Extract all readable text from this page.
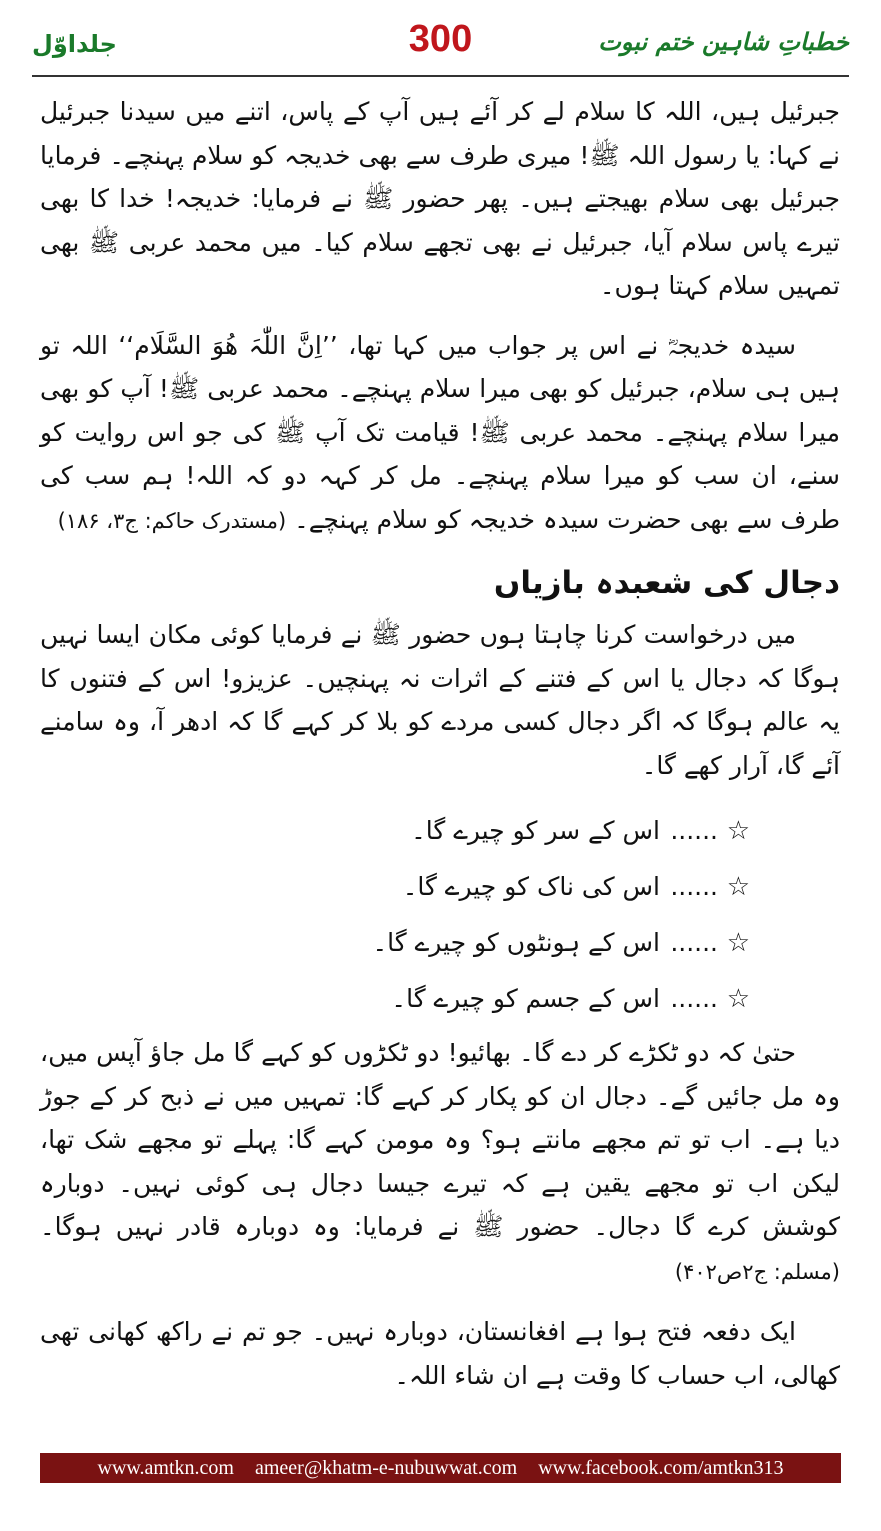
جلداوّل	300	خطباتِ شاہین ختم نبوت

جبرئیل ہیں، اللہ کا سلام لے کر آئے ہیں آپ کے پاس، اتنے میں سیدنا جبرئیل نے کہا: یا رسول اللہ ﷺ! میری طرف سے بھی خدیجہ کو سلام پہنچے۔ فرمایا جبرئیل بھی سلام بھیجتے ہیں۔ پھر حضور ﷺ نے فرمایا: خدیجہ! خدا کا بھی تیرے پاس سلام آیا، جبرئیل نے بھی تجھے سلام کیا۔ میں محمد عربی ﷺ بھی تمہیں سلام کہتا ہوں۔

سیدہ خدیجہؓ نے اس پر جواب میں کہا تھا، ’’اِنَّ اللّٰہَ ھُوَ السَّلَام‘‘ اللہ تو ہیں ہی سلام، جبرئیل کو بھی میرا سلام پہنچے۔ محمد عربی ﷺ! آپ کو بھی میرا سلام پہنچے۔ محمد عربی ﷺ! قیامت تک آپ ﷺ کی جو اس روایت کو سنے، ان سب کو میرا سلام پہنچے۔ مل کر کہہ دو کہ اللہ! ہم سب کی طرف سے بھی حضرت سیدہ خدیجہ کو سلام پہنچے۔ (مستدرک حاکم: ج۳، ۱۸۶)

دجال کی شعبدہ بازیاں

میں درخواست کرنا چاہتا ہوں حضور ﷺ نے فرمایا کوئی مکان ایسا نہیں ہوگا کہ دجال یا اس کے فتنے کے اثرات نہ پہنچیں۔ عزیزو! اس کے فتنوں کا یہ عالم ہوگا کہ اگر دجال کسی مردے کو بلا کر کہے گا کہ ادھر آ، وہ سامنے آئے گا، آرار کھے گا۔

☆
......
اس کے سر کو چیرے گا۔
☆
......
اس کی ناک کو چیرے گا۔
☆
......
اس کے ہونٹوں کو چیرے گا۔
☆
......
اس کے جسم کو چیرے گا۔

حتیٰ کہ دو ٹکڑے کر دے گا۔ بھائیو! دو ٹکڑوں کو کہے گا مل جاؤ آپس میں، وہ مل جائیں گے۔ دجال ان کو پکار کر کہے گا: تمہیں میں نے ذبح کر کے جوڑ دیا ہے۔ اب تو تم مجھے مانتے ہو؟ وہ مومن کہے گا: پہلے تو مجھے شک تھا، لیکن اب تو مجھے یقین ہے کہ تیرے جیسا دجال ہی کوئی نہیں۔ دوبارہ کوشش کرے گا دجال۔ حضور ﷺ نے فرمایا: وہ دوبارہ قادر نہیں ہوگا۔ (مسلم: ج۲ص۴۰۲)

ایک دفعہ فتح ہوا ہے افغانستان، دوبارہ نہیں۔ جو تم نے راکھ کھانی تھی کھالی، اب حساب کا وقت ہے ان شاء اللہ۔

www.amtkn.com ameer@khatm-e-nubuwwat.com www.facebook.com/amtkn313
